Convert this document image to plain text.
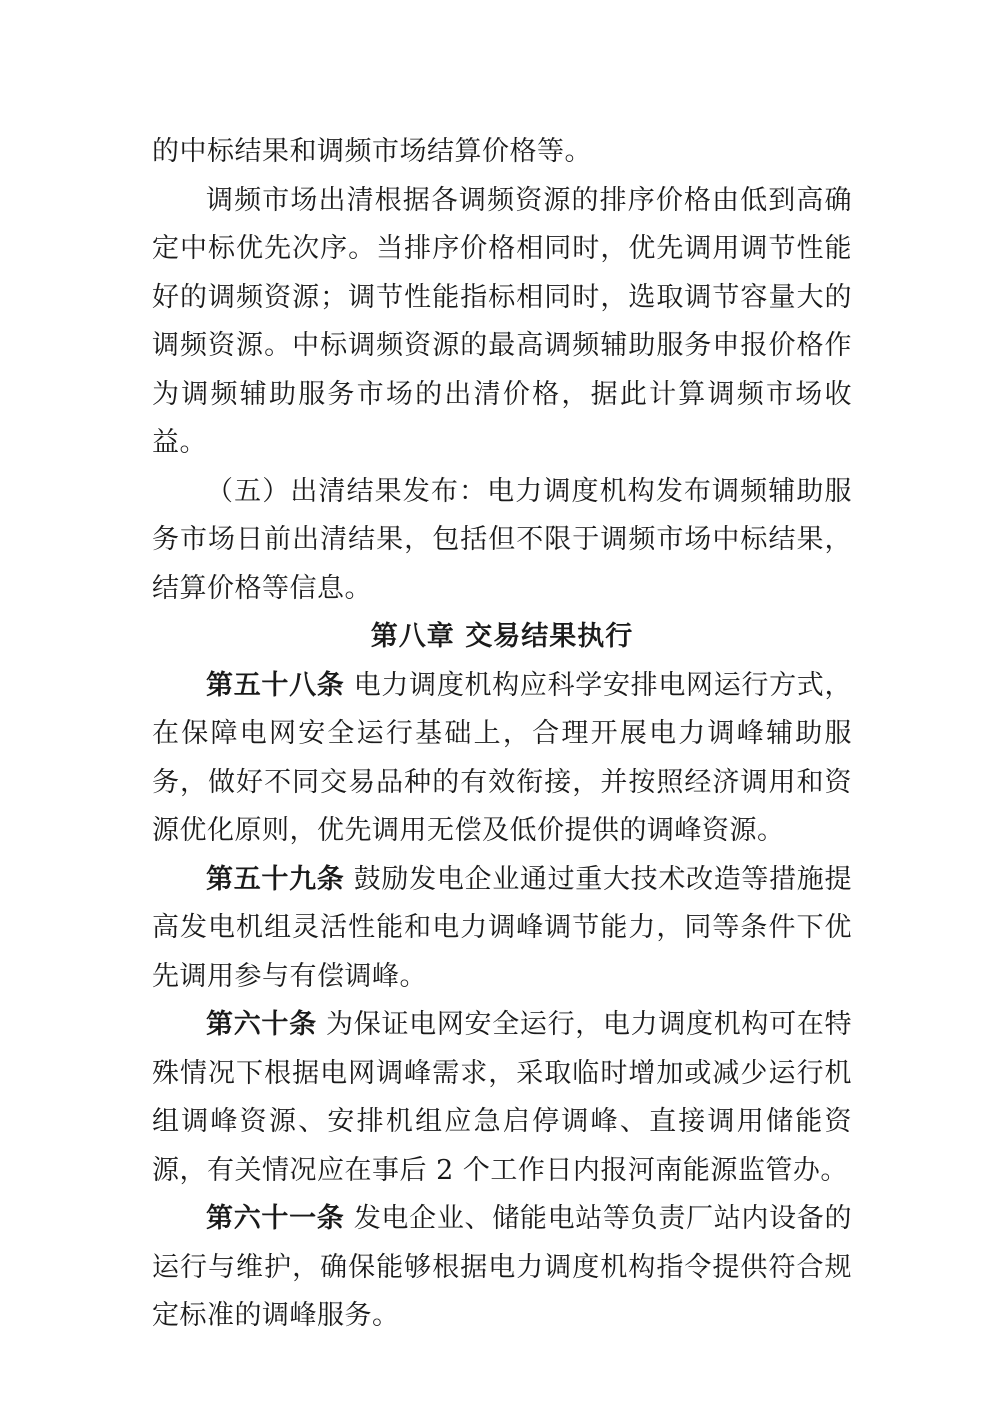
的中标结果和调频市场结算价格等。

调频市场出清根据各调频资源的排序价格由低到高确定中标优先次序。当排序价格相同时，优先调用调节性能好的调频资源；调节性能指标相同时，选取调节容量大的调频资源。中标调频资源的最高调频辅助服务申报价格作为调频辅助服务市场的出清价格，据此计算调频市场收益。

（五）出清结果发布：电力调度机构发布调频辅助服务市场日前出清结果，包括但不限于调频市场中标结果，结算价格等信息。

第八章 交易结果执行

第五十八条 电力调度机构应科学安排电网运行方式，在保障电网安全运行基础上，合理开展电力调峰辅助服务，做好不同交易品种的有效衔接，并按照经济调用和资源优化原则，优先调用无偿及低价提供的调峰资源。

第五十九条 鼓励发电企业通过重大技术改造等措施提高发电机组灵活性能和电力调峰调节能力，同等条件下优先调用参与有偿调峰。

第六十条 为保证电网安全运行，电力调度机构可在特殊情况下根据电网调峰需求，采取临时增加或减少运行机组调峰资源、安排机组应急启停调峰、直接调用储能资源，有关情况应在事后 2 个工作日内报河南能源监管办。

第六十一条 发电企业、储能电站等负责厂站内设备的运行与维护，确保能够根据电力调度机构指令提供符合规定标准的调峰服务。
